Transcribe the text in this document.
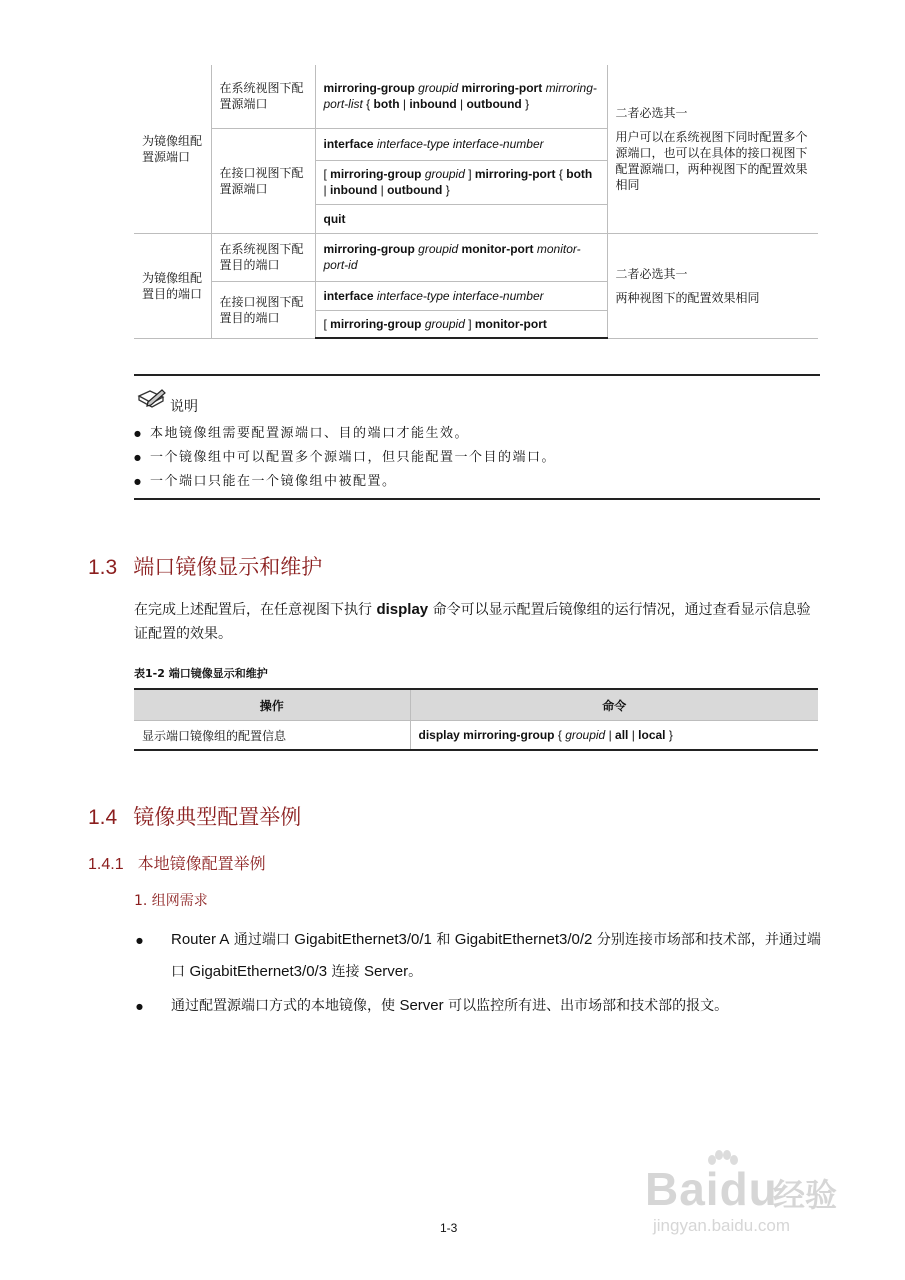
为镜像组配置源端口	在系统视图下配置源端口	mirroring-group groupid mirroring-port mirroring-port-list { both | inbound | outbound }	二者必选其一
用户可以在系统视图下同时配置多个源端口，也可以在具体的接口视图下配置源端口，两种视图下的配置效果相同

	在接口视图下配置源端口	interface interface-type interface-number	
		[ mirroring-group groupid ] mirroring-port { both | inbound | outbound }	
		quit	
为镜像组配置目的端口	在系统视图下配置目的端口	mirroring-group groupid monitor-port monitor-port-id	二者必选其一
两种视图下的配置效果相同

	在接口视图下配置目的端口	interface interface-type interface-number	
		[ mirroring-group groupid ] monitor-port	
说明
● 本地镜像组需要配置源端口、目的端口才能生效。
● 一个镜像组中可以配置多个源端口，但只能配置一个目的端口。
● 一个端口只能在一个镜像组中被配置。
1.3 端口镜像显示和维护
在完成上述配置后，在任意视图下执行 display 命令可以显示配置后镜像组的运行情况，通过查看显示信息验证配置的效果。
表1-2 端口镜像显示和维护
操作	命令
显示端口镜像组的配置信息	display mirroring-group { groupid | all | local }
1.4 镜像典型配置举例
1.4.1 本地镜像配置举例
1. 组网需求
● Router A 通过端口 GigabitEthernet3/0/1 和 GigabitEthernet3/0/2 分别连接市场部和技术部，并通过端口 GigabitEthernet3/0/3 连接 Server。
● 通过配置源端口方式的本地镜像，使 Server 可以监控所有进、出市场部和技术部的报文。
1-3
Baidu
经验
jingyan.baidu.com
